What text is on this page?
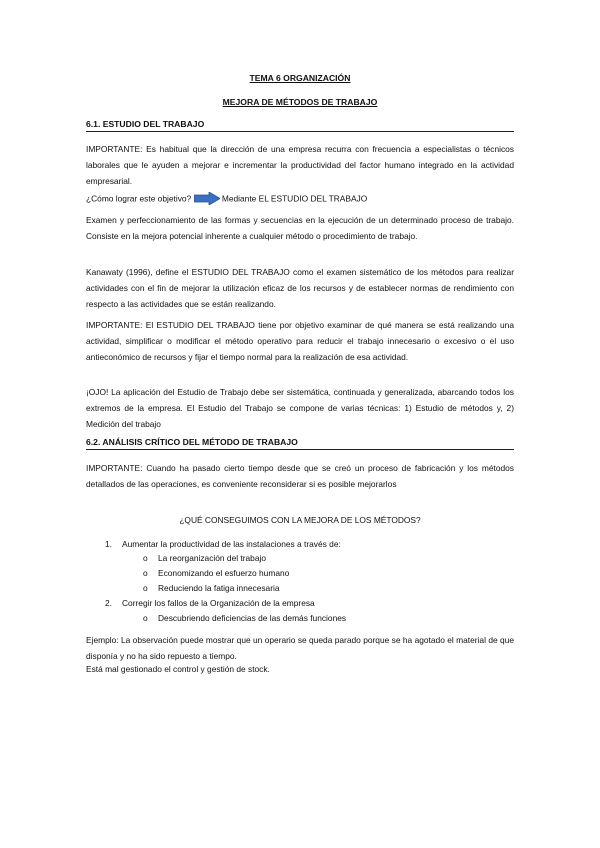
TEMA 6 ORGANIZACIÓN
MEJORA DE MÉTODOS DE TRABAJO
6.1. ESTUDIO DEL TRABAJO
IMPORTANTE: Es habitual que la dirección de una empresa recurra con frecuencia a especialistas o técnicos laborales que le ayuden a mejorar e incrementar la productividad del factor humano integrado en la actividad empresarial.
¿Cómo lograr este objetivo?	Mediante EL ESTUDIO DEL TRABAJO
Examen y perfeccionamiento de las formas y secuencias en la ejecución de un determinado proceso de trabajo. Consiste en la mejora potencial inherente a cualquier método o procedimiento de trabajo.
Kanawaty (1996), define el ESTUDIO DEL TRABAJO como el examen sistemático de los métodos para realizar actividades con el fin de mejorar la utilización eficaz de los recursos y de establecer normas de rendimiento con respecto a las actividades que se están realizando.
IMPORTANTE: El ESTUDIO DEL TRABAJO tiene por objetivo examinar de qué manera se está realizando una actividad, simplificar o modificar el método operativo para reducir el trabajo innecesario o excesivo o el uso antieconómico de recursos y fijar el tiempo normal para la realización de esa actividad.
¡OJO! La aplicación del Estudio de Trabajo debe ser sistemática, continuada y generalizada, abarcando todos los extremos de la empresa. El Estudio del Trabajo se compone de varias técnicas: 1) Estudio de métodos y, 2) Medición del trabajo
6.2. ANÁLISIS CRÍTICO DEL MÉTODO DE TRABAJO
IMPORTANTE: Cuando ha pasado cierto tiempo desde que se creó un proceso de fabricación y los métodos detallados de las operaciones, es conveniente reconsiderar si es posible mejorarlos
¿QUÉ CONSEGUIMOS CON LA MEJORA DE LOS MÉTODOS?
1. Aumentar la productividad de las instalaciones a través de:
o La reorganización del trabajo
o Economizando el esfuerzo humano
o Reduciendo la fatiga innecesaria
2. Corregir los fallos de la Organización de la empresa
o Descubriendo deficiencias de las demás funciones
Ejemplo: La observación puede mostrar que un operario se queda parado porque se ha agotado el material de que disponía y no ha sido repuesto a tiempo.
Está mal gestionado el control y gestión de stock.
